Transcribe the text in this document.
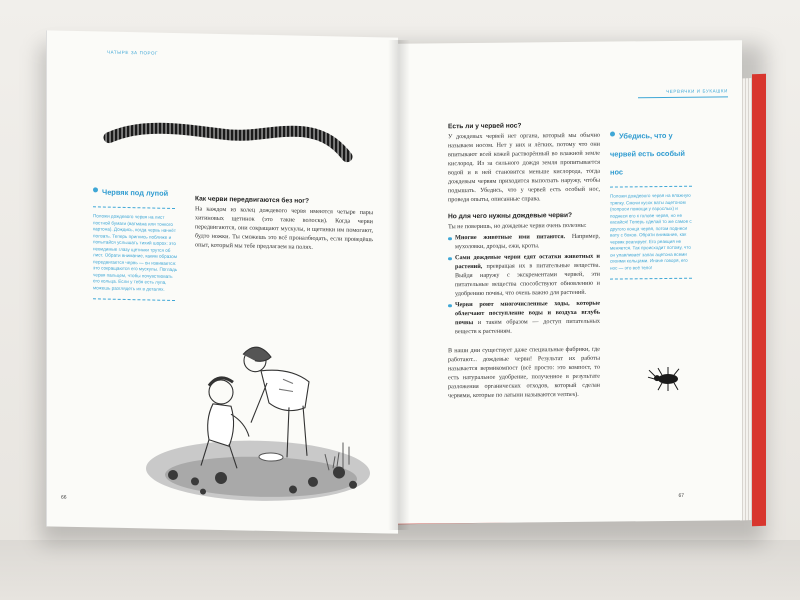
ЧАТЫРЕ ЗА ПОРОГ
Червяк под лупой
Положи дождевого червя на лист постной бумаги (ватмана или тонкого картона). Дождись, когда червь начнёт ползать. Теперь пригнись поближе и попытайся услышать тихий шорох: это невидимые глазу щетинки трутся об лист. Обрати внимание, каким образом передвигается червь — он извивается: это сокращаются его мускулы. Погладь червя пальцем, чтобы почувствовать его кольца. Если у тебя есть лупа, можешь разглядеть их в деталях.
Как черви передвигаются без ног?
На каждом из колец дождевого червя имеются четыре пары хитиновых щетинок (это такие волоски). Когда черви передвигаются, они сокращают мускулы, и щетинки им помогают, будто ножки. Ты сможешь это всё проналбюдать, если проведёшь опыт, который мы тебе предлагаем на полях.
66
ЧЕРВЯЧКИ И БУКАШКИ
Есть ли у червей нос?
У дождевых червей нет органа, который мы обычно называем носом. Нет у них и лёгких, потому что они впитывают всей кожей растворённый во влажной земле кислород. Из за сильного дождя земля пропитывается водой и в ней становится меньше кислорода, тогда дождевым червям приходится выползать наружу, чтобы подышать. Убедись, что у червей есть особый нос, проведя опыты, описанные справа.
Но для чего нужны дождевые черви?
Ты не поверишь, но дождевые черви очень полезны:
Многие животные ими питаются. Например, мухоловки, дрозды, ежи, кроты.
Сами дождевые черви едят остатки животных и растений, превращая их в питательные вещества. Выйдя наружу с экскрементами червей, эти питательные вещества способствуют обновлению и удобрению почвы, что очень важно для растений.
Черви роют многочисленные ходы, которые облегчают поступление воды и воздуха вглубь почвы и таким образом — доступ питательных веществ к растениям.
В наши дни существует даже специальные фабрики, где работают... дождевые черви! Результат их работы называется вермикомпост (всё просто: это компост, то есть натуральное удобрение, полученное в результате разложения органических отходов, который сделан червями, которые по латыни называются vermes).
Убедись, что у червей есть особый нос
Положи дождевого червя на влажную тряпку. Смочи кусок ваты ацетоном (попроси помощи у взрослых) и поднеси его к голове червя, но не касайся! Теперь сделай то же самое с другого конца червя, потом поднеси вату с боков. Обрати внимание, как червяк реагирует. Его реакция не меняется. Так происходит потому, что он улавливает запах ацетона всеми своими кольцами. Иначе говоря, его нос — это всё тело!
67
